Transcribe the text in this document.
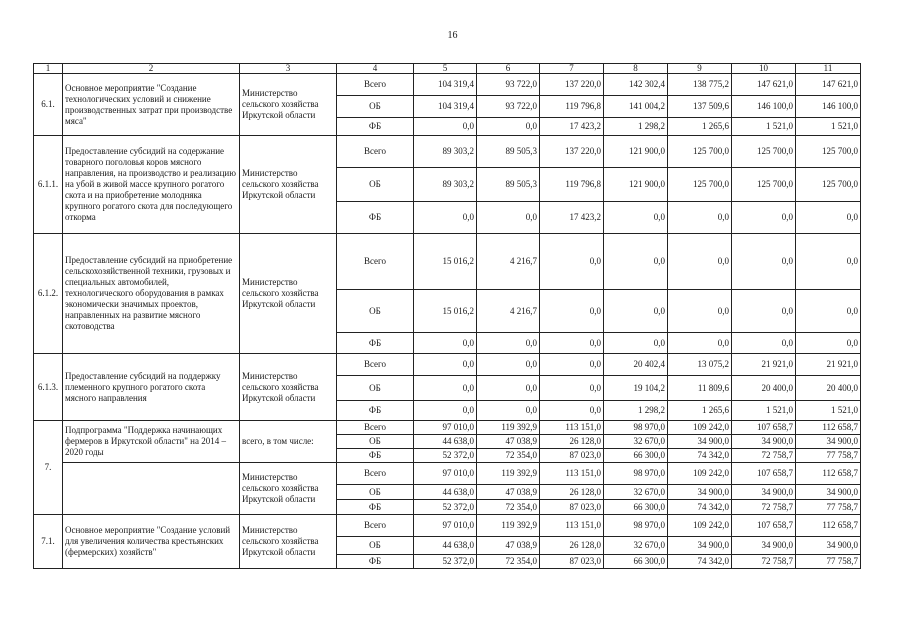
16
1	2	3	4	5	6	7	8	9	10	11
6.1.	Основное мероприятие "Создание технологических условий и снижение производственных затрат при производстве мяса"	Министерство сельского хозяйства Иркутской области	Всего	104 319,4	93 722,0	137 220,0	142 302,4	138 775,2	147 621,0	147 621,0
			ОБ	104 319,4	93 722,0	119 796,8	141 004,2	137 509,6	146 100,0	146 100,0
			ФБ	0,0	0,0	17 423,2	1 298,2	1 265,6	1 521,0	1 521,0
6.1.1.	Предоставление субсидий на содержание товарного поголовья коров мясного направления, на производство и реализацию на убой в живой массе крупного рогатого скота и на приобретение молодняка крупного рогатого скота для последующего откорма	Министерство сельского хозяйства Иркутской области	Всего	89 303,2	89 505,3	137 220,0	121 900,0	125 700,0	125 700,0	125 700,0
			ОБ	89 303,2	89 505,3	119 796,8	121 900,0	125 700,0	125 700,0	125 700,0
			ФБ	0,0	0,0	17 423,2	0,0	0,0	0,0	0,0
6.1.2.	Предоставление субсидий на приобретение сельскохозяйственной техники, грузовых и специальных автомобилей, технологического оборудования в рамках экономически значимых проектов, направленных на развитие мясного скотоводства	Министерство сельского хозяйства Иркутской области	Всего	15 016,2	4 216,7	0,0	0,0	0,0	0,0	0,0
			ОБ	15 016,2	4 216,7	0,0	0,0	0,0	0,0	0,0
			ФБ	0,0	0,0	0,0	0,0	0,0	0,0	0,0
6.1.3.	Предоставление субсидий на поддержку племенного крупного рогатого скота мясного направления	Министерство сельского хозяйства Иркутской области	Всего	0,0	0,0	0,0	20 402,4	13 075,2	21 921,0	21 921,0
			ОБ	0,0	0,0	0,0	19 104,2	11 809,6	20 400,0	20 400,0
			ФБ	0,0	0,0	0,0	1 298,2	1 265,6	1 521,0	1 521,0
7.	Подпрограмма "Поддержка начинающих фермеров в Иркутской области" на 2014 – 2020 годы	всего, в том числе:	Всего	97 010,0	119 392,9	113 151,0	98 970,0	109 242,0	107 658,7	112 658,7
			ОБ	44 638,0	47 038,9	26 128,0	32 670,0	34 900,0	34 900,0	34 900,0
			ФБ	52 372,0	72 354,0	87 023,0	66 300,0	74 342,0	72 758,7	77 758,7
		Министерство сельского хозяйства Иркутской области	Всего	97 010,0	119 392,9	113 151,0	98 970,0	109 242,0	107 658,7	112 658,7
			ОБ	44 638,0	47 038,9	26 128,0	32 670,0	34 900,0	34 900,0	34 900,0
			ФБ	52 372,0	72 354,0	87 023,0	66 300,0	74 342,0	72 758,7	77 758,7
7.1.	Основное мероприятие "Создание условий для увеличения количества крестьянских (фермерских) хозяйств"	Министерство сельского хозяйства Иркутской области	Всего	97 010,0	119 392,9	113 151,0	98 970,0	109 242,0	107 658,7	112 658,7
			ОБ	44 638,0	47 038,9	26 128,0	32 670,0	34 900,0	34 900,0	34 900,0
			ФБ	52 372,0	72 354,0	87 023,0	66 300,0	74 342,0	72 758,7	77 758,7
